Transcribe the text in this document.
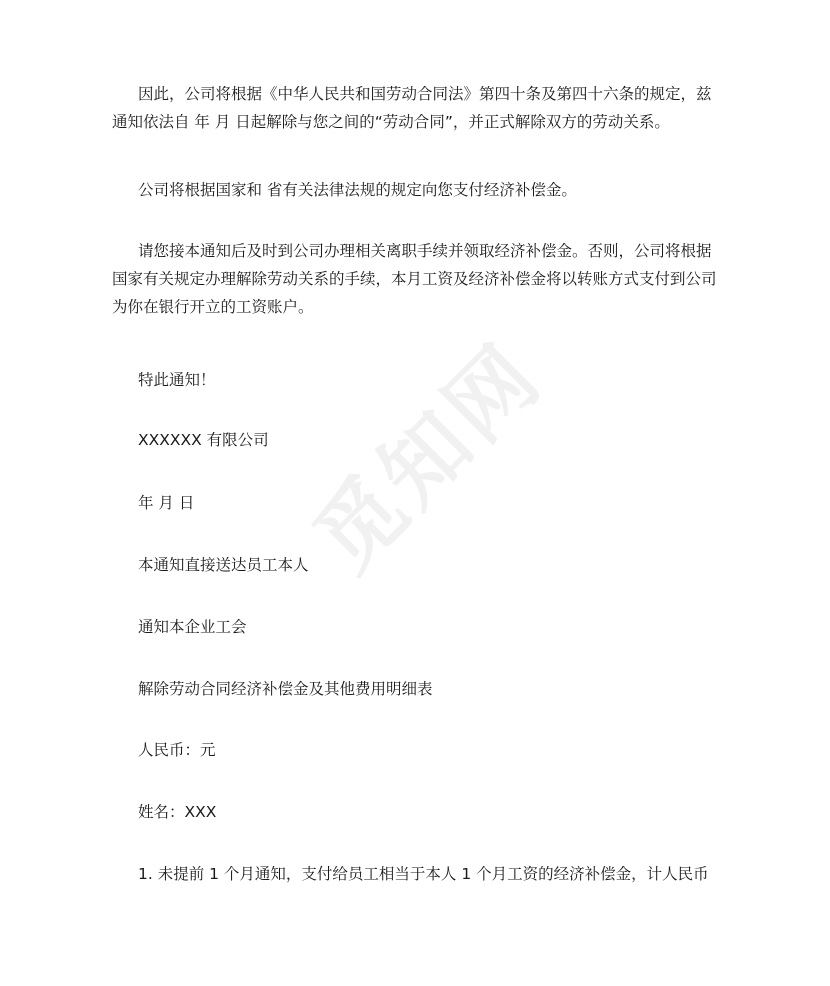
觅知网

因此，公司将根据《中华人民共和国劳动合同法》第四十条及第四十六条的规定，兹通知依法自 年 月 日起解除与您之间的“劳动合同”，并正式解除双方的劳动关系。

公司将根据国家和 省有关法律法规的规定向您支付经济补偿金。

请您接本通知后及时到公司办理相关离职手续并领取经济补偿金。否则，公司将根据国家有关规定办理解除劳动关系的手续，本月工资及经济补偿金将以转账方式支付到公司为你在银行开立的工资账户。

特此通知！

XXXXXX 有限公司

年 月 日

本通知直接送达员工本人

通知本企业工会

解除劳动合同经济补偿金及其他费用明细表

人民币：元

姓名：XXX

1. 未提前 1 个月通知，支付给员工相当于本人 1 个月工资的经济补偿金，计人民币
